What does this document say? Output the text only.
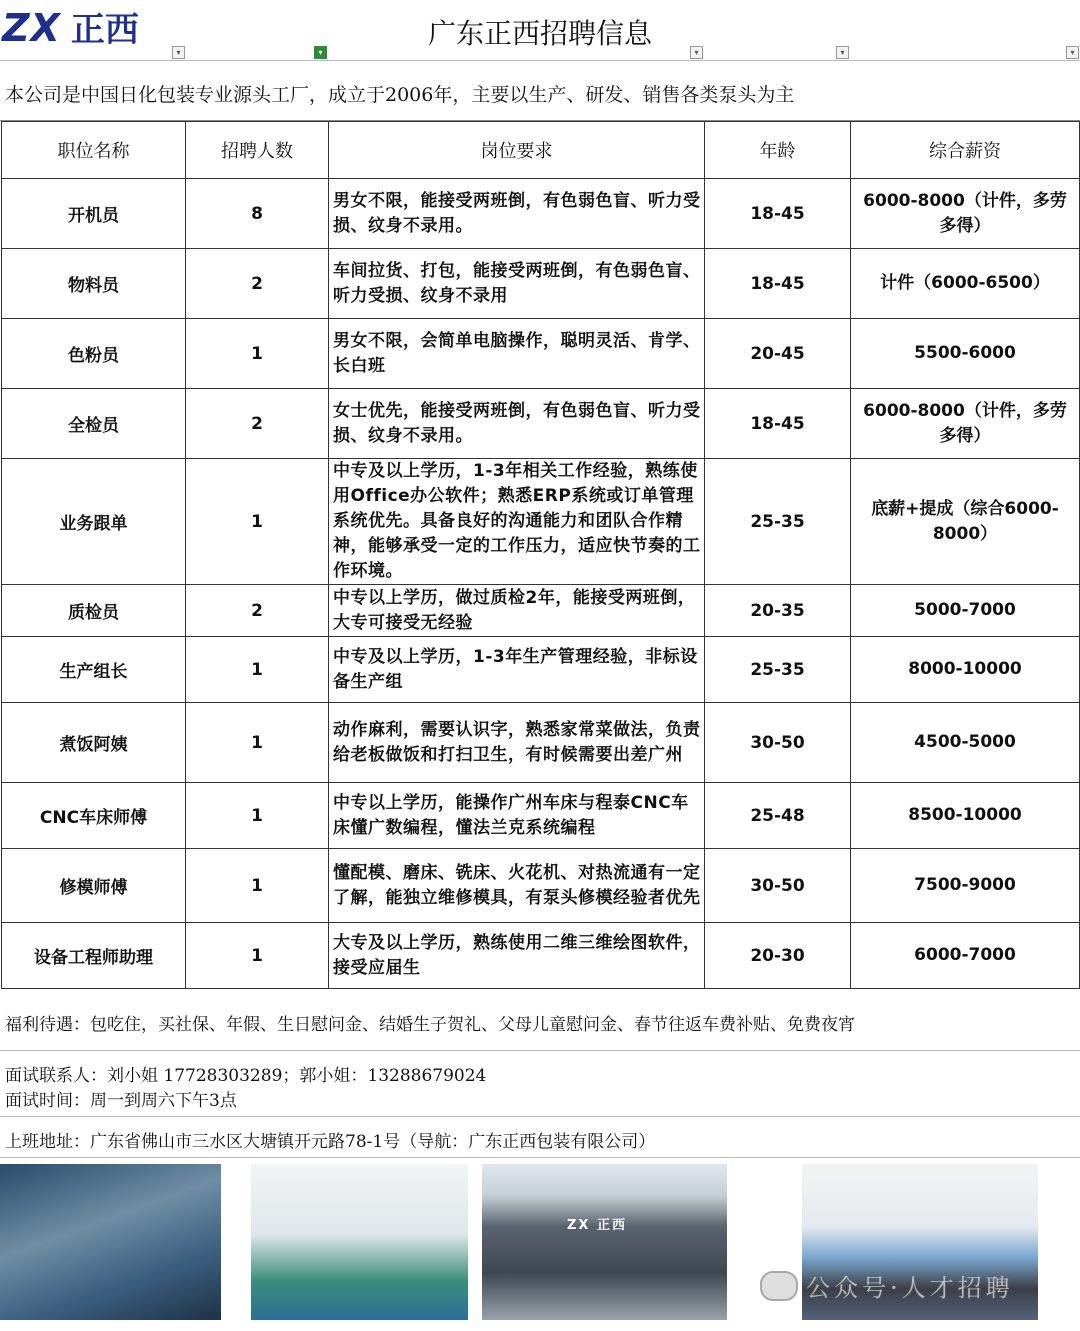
ZX 正西	广东正西招聘信息
▾	▾	▾	▾	▾
本公司是中国日化包装专业源头工厂，成立于2006年，主要以生产、研发、销售各类泵头为主
职位名称	招聘人数	岗位要求	年龄	综合薪资
开机员	8	男女不限，能接受两班倒，有色弱色盲、听力受损、纹身不录用。	18-45	6000-8000（计件，多劳多得）
物料员	2	车间拉货、打包，能接受两班倒，有色弱色盲、听力受损、纹身不录用	18-45	计件（6000-6500）
色粉员	1	男女不限，会简单电脑操作，聪明灵活、肯学、长白班	20-45	5500-6000
全检员	2	女士优先，能接受两班倒，有色弱色盲、听力受损、纹身不录用。	18-45	6000-8000（计件，多劳多得）
业务跟单	1	中专及以上学历，1-3年相关工作经验，熟练使用Office办公软件；熟悉ERP系统或订单管理系统优先。具备良好的沟通能力和团队合作精神，能够承受一定的工作压力，适应快节奏的工作环境。	25-35	底薪+提成（综合6000-8000）
质检员	2	中专以上学历，做过质检2年，能接受两班倒，大专可接受无经验	20-35	5000-7000
生产组长	1	中专及以上学历，1-3年生产管理经验，非标设备生产组	25-35	8000-10000
煮饭阿姨	1	动作麻利，需要认识字，熟悉家常菜做法，负责给老板做饭和打扫卫生，有时候需要出差广州	30-50	4500-5000
CNC车床师傅	1	中专以上学历，能操作广州车床与程泰CNC车床懂广数编程，懂法兰克系统编程	25-48	8500-10000
修模师傅	1	懂配模、磨床、铣床、火花机、对热流通有一定了解，能独立维修模具，有泵头修模经验者优先	30-50	7500-9000
设备工程师助理	1	大专及以上学历，熟练使用二维三维绘图软件，接受应届生	20-30	6000-7000
福利待遇：包吃住，买社保、年假、生日慰问金、结婚生子贺礼、父母儿童慰问金、春节往返车费补贴、免费夜宵
面试联系人：刘小姐 17728303289；郭小姐：13288679024
面试时间：周一到周六下午3点
上班地址：广东省佛山市三水区大塘镇开元路78-1号（导航：广东正西包装有限公司）
ZX 正西
公众号·人才招聘
